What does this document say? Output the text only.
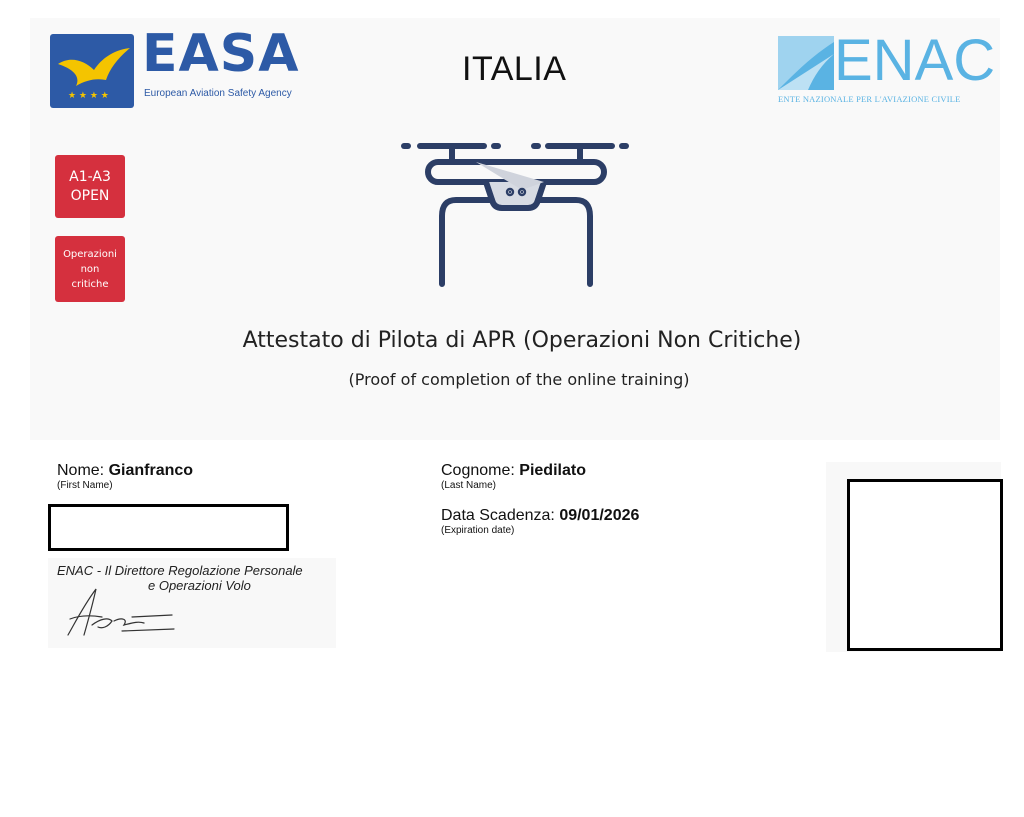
★ ★ ★ ★
EASA
European Aviation Safety Agency
ITALIA	ENAC
ENTE NAZIONALE PER L'AVIAZIONE CIVILE
A1-A3
OPEN
Operazioni
non
critiche
Attestato di Pilota di APR (Operazioni Non Critiche)
(Proof of completion of the online training)
Nome: Gianfranco
(First Name)
Cognome: Piedilato
(Last Name)
Data Scadenza: 09/01/2026
(Expiration date)
ENAC - Il Direttore Regolazione Personale
e Operazioni Volo
